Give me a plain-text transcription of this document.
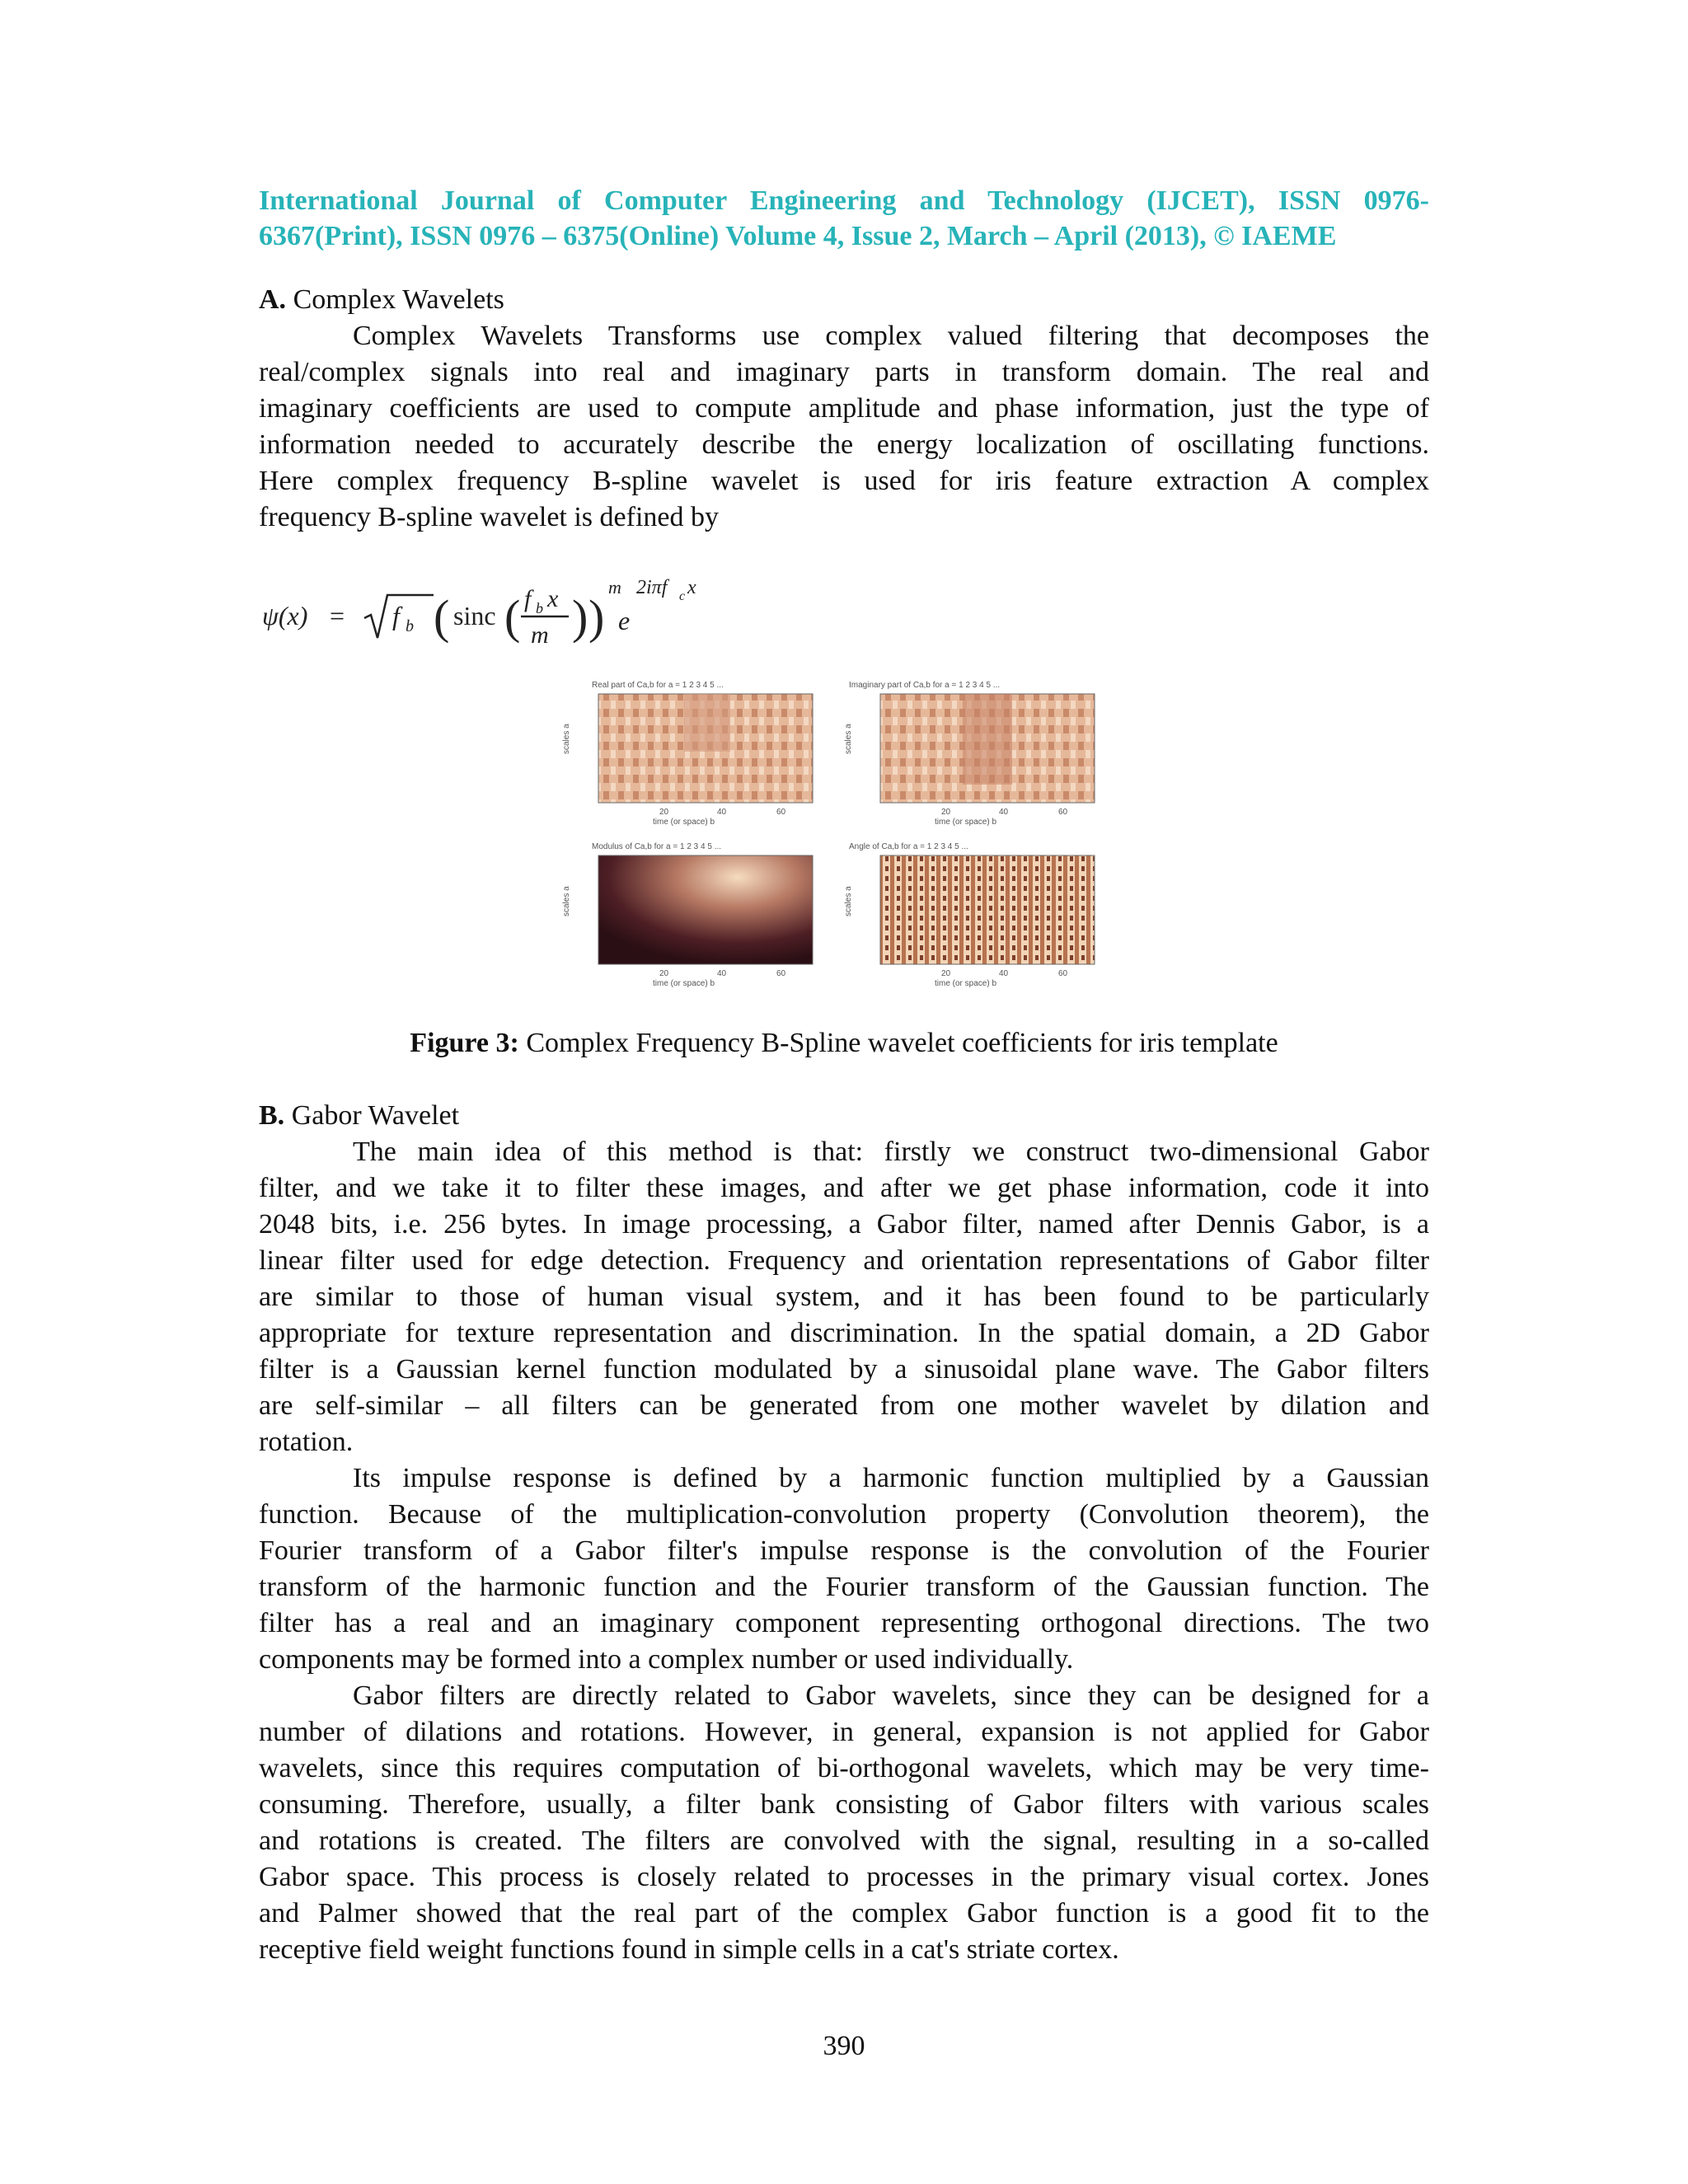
International Journal of Computer Engineering and Technology (IJCET), ISSN 0976-
6367(Print), ISSN 0976 – 6375(Online) Volume 4, Issue 2, March – April (2013), © IAEME
A. Complex Wavelets
Complex Wavelets Transforms use complex valued filtering that decomposes the
real/complex signals into real and imaginary parts in transform domain. The real and
imaginary coefficients are used to compute amplitude and phase information, just the type of
information needed to accurately describe the energy localization of oscillating functions.
Here complex frequency B-spline wavelet is used for iris feature extraction A complex
frequency B-spline wavelet is defined by
ψ(x) = f b ( sinc ( f b x
m ) )
m
e
2iπf c x
Real part of Ca,b for a = 1 2 3 4 5 ...
scales a
20	40	60
time (or space) b
Imaginary part of Ca,b for a = 1 2 3 4 5 ...
scales a
20	40	60
time (or space) b
Modulus of Ca,b for a = 1 2 3 4 5 ...
scales a
20	40	60
time (or space) b
Angle of Ca,b for a = 1 2 3 4 5 ...
scales a
20	40	60
time (or space) b
Figure 3: Complex Frequency B-Spline wavelet coefficients for iris template
B. Gabor Wavelet
The main idea of this method is that: firstly we construct two-dimensional Gabor
filter, and we take it to filter these images, and after we get phase information, code it into
2048 bits, i.e. 256 bytes. In image processing, a Gabor filter, named after Dennis Gabor, is a
linear filter used for edge detection. Frequency and orientation representations of Gabor filter
are similar to those of human visual system, and it has been found to be particularly
appropriate for texture representation and discrimination. In the spatial domain, a 2D Gabor
filter is a Gaussian kernel function modulated by a sinusoidal plane wave. The Gabor filters
are self-similar – all filters can be generated from one mother wavelet by dilation and
rotation.
Its impulse response is defined by a harmonic function multiplied by a Gaussian
function. Because of the multiplication-convolution property (Convolution theorem), the
Fourier transform of a Gabor filter's impulse response is the convolution of the Fourier
transform of the harmonic function and the Fourier transform of the Gaussian function. The
filter has a real and an imaginary component representing orthogonal directions. The two
components may be formed into a complex number or used individually.
Gabor filters are directly related to Gabor wavelets, since they can be designed for a
number of dilations and rotations. However, in general, expansion is not applied for Gabor
wavelets, since this requires computation of bi-orthogonal wavelets, which may be very time-
consuming. Therefore, usually, a filter bank consisting of Gabor filters with various scales
and rotations is created. The filters are convolved with the signal, resulting in a so-called
Gabor space. This process is closely related to processes in the primary visual cortex. Jones
and Palmer showed that the real part of the complex Gabor function is a good fit to the
receptive field weight functions found in simple cells in a cat's striate cortex.
390
